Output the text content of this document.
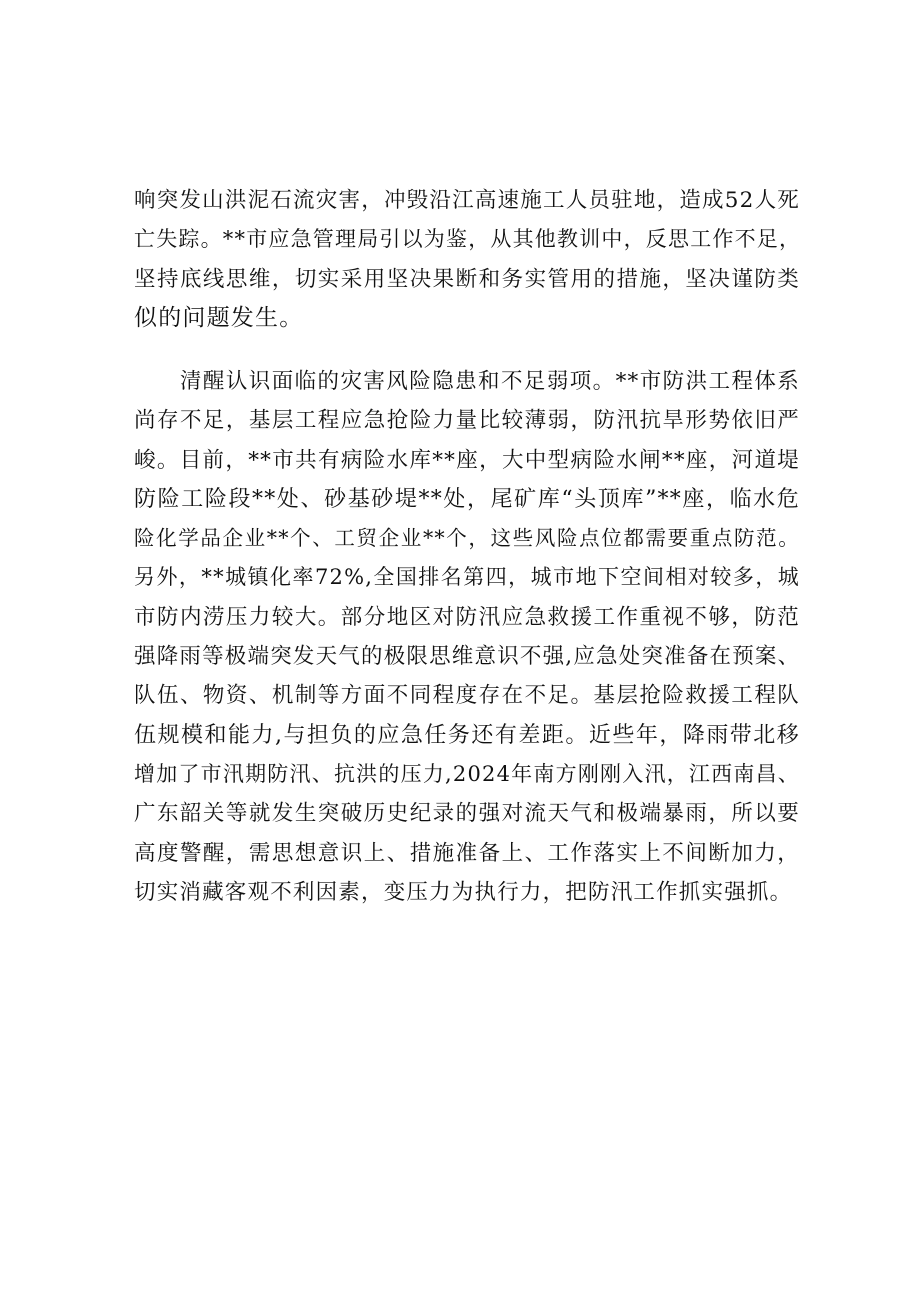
响突发山洪泥石流灾害，冲毁沿江高速施工人员驻地，造成52人死
亡失踪。**市应急管理局引以为鉴，从其他教训中，反思工作不足，
坚持底线思维，切实采用坚决果断和务实管用的措施，坚决谨防类
似的问题发生。
清醒认识面临的灾害风险隐患和不足弱项。**市防洪工程体系
尚存不足，基层工程应急抢险力量比较薄弱，防汛抗旱形势依旧严
峻。目前，**市共有病险水库**座，大中型病险水闸**座，河道堤
防险工险段**处、砂基砂堤**处，尾矿库“头顶库”**座，临水危
险化学品企业**个、工贸企业**个，这些风险点位都需要重点防范。
另外，**城镇化率72%,全国排名第四，城市地下空间相对较多，城
市防内涝压力较大。部分地区对防汛应急救援工作重视不够，防范
强降雨等极端突发天气的极限思维意识不强,应急处突准备在预案、
队伍、物资、机制等方面不同程度存在不足。基层抢险救援工程队
伍规模和能力,与担负的应急任务还有差距。近些年，降雨带北移
增加了市汛期防汛、抗洪的压力,2024年南方刚刚入汛，江西南昌、
广东韶关等就发生突破历史纪录的强对流天气和极端暴雨，所以要
高度警醒，需思想意识上、措施准备上、工作落实上不间断加力，
切实消藏客观不利因素，变压力为执行力，把防汛工作抓实强抓。
